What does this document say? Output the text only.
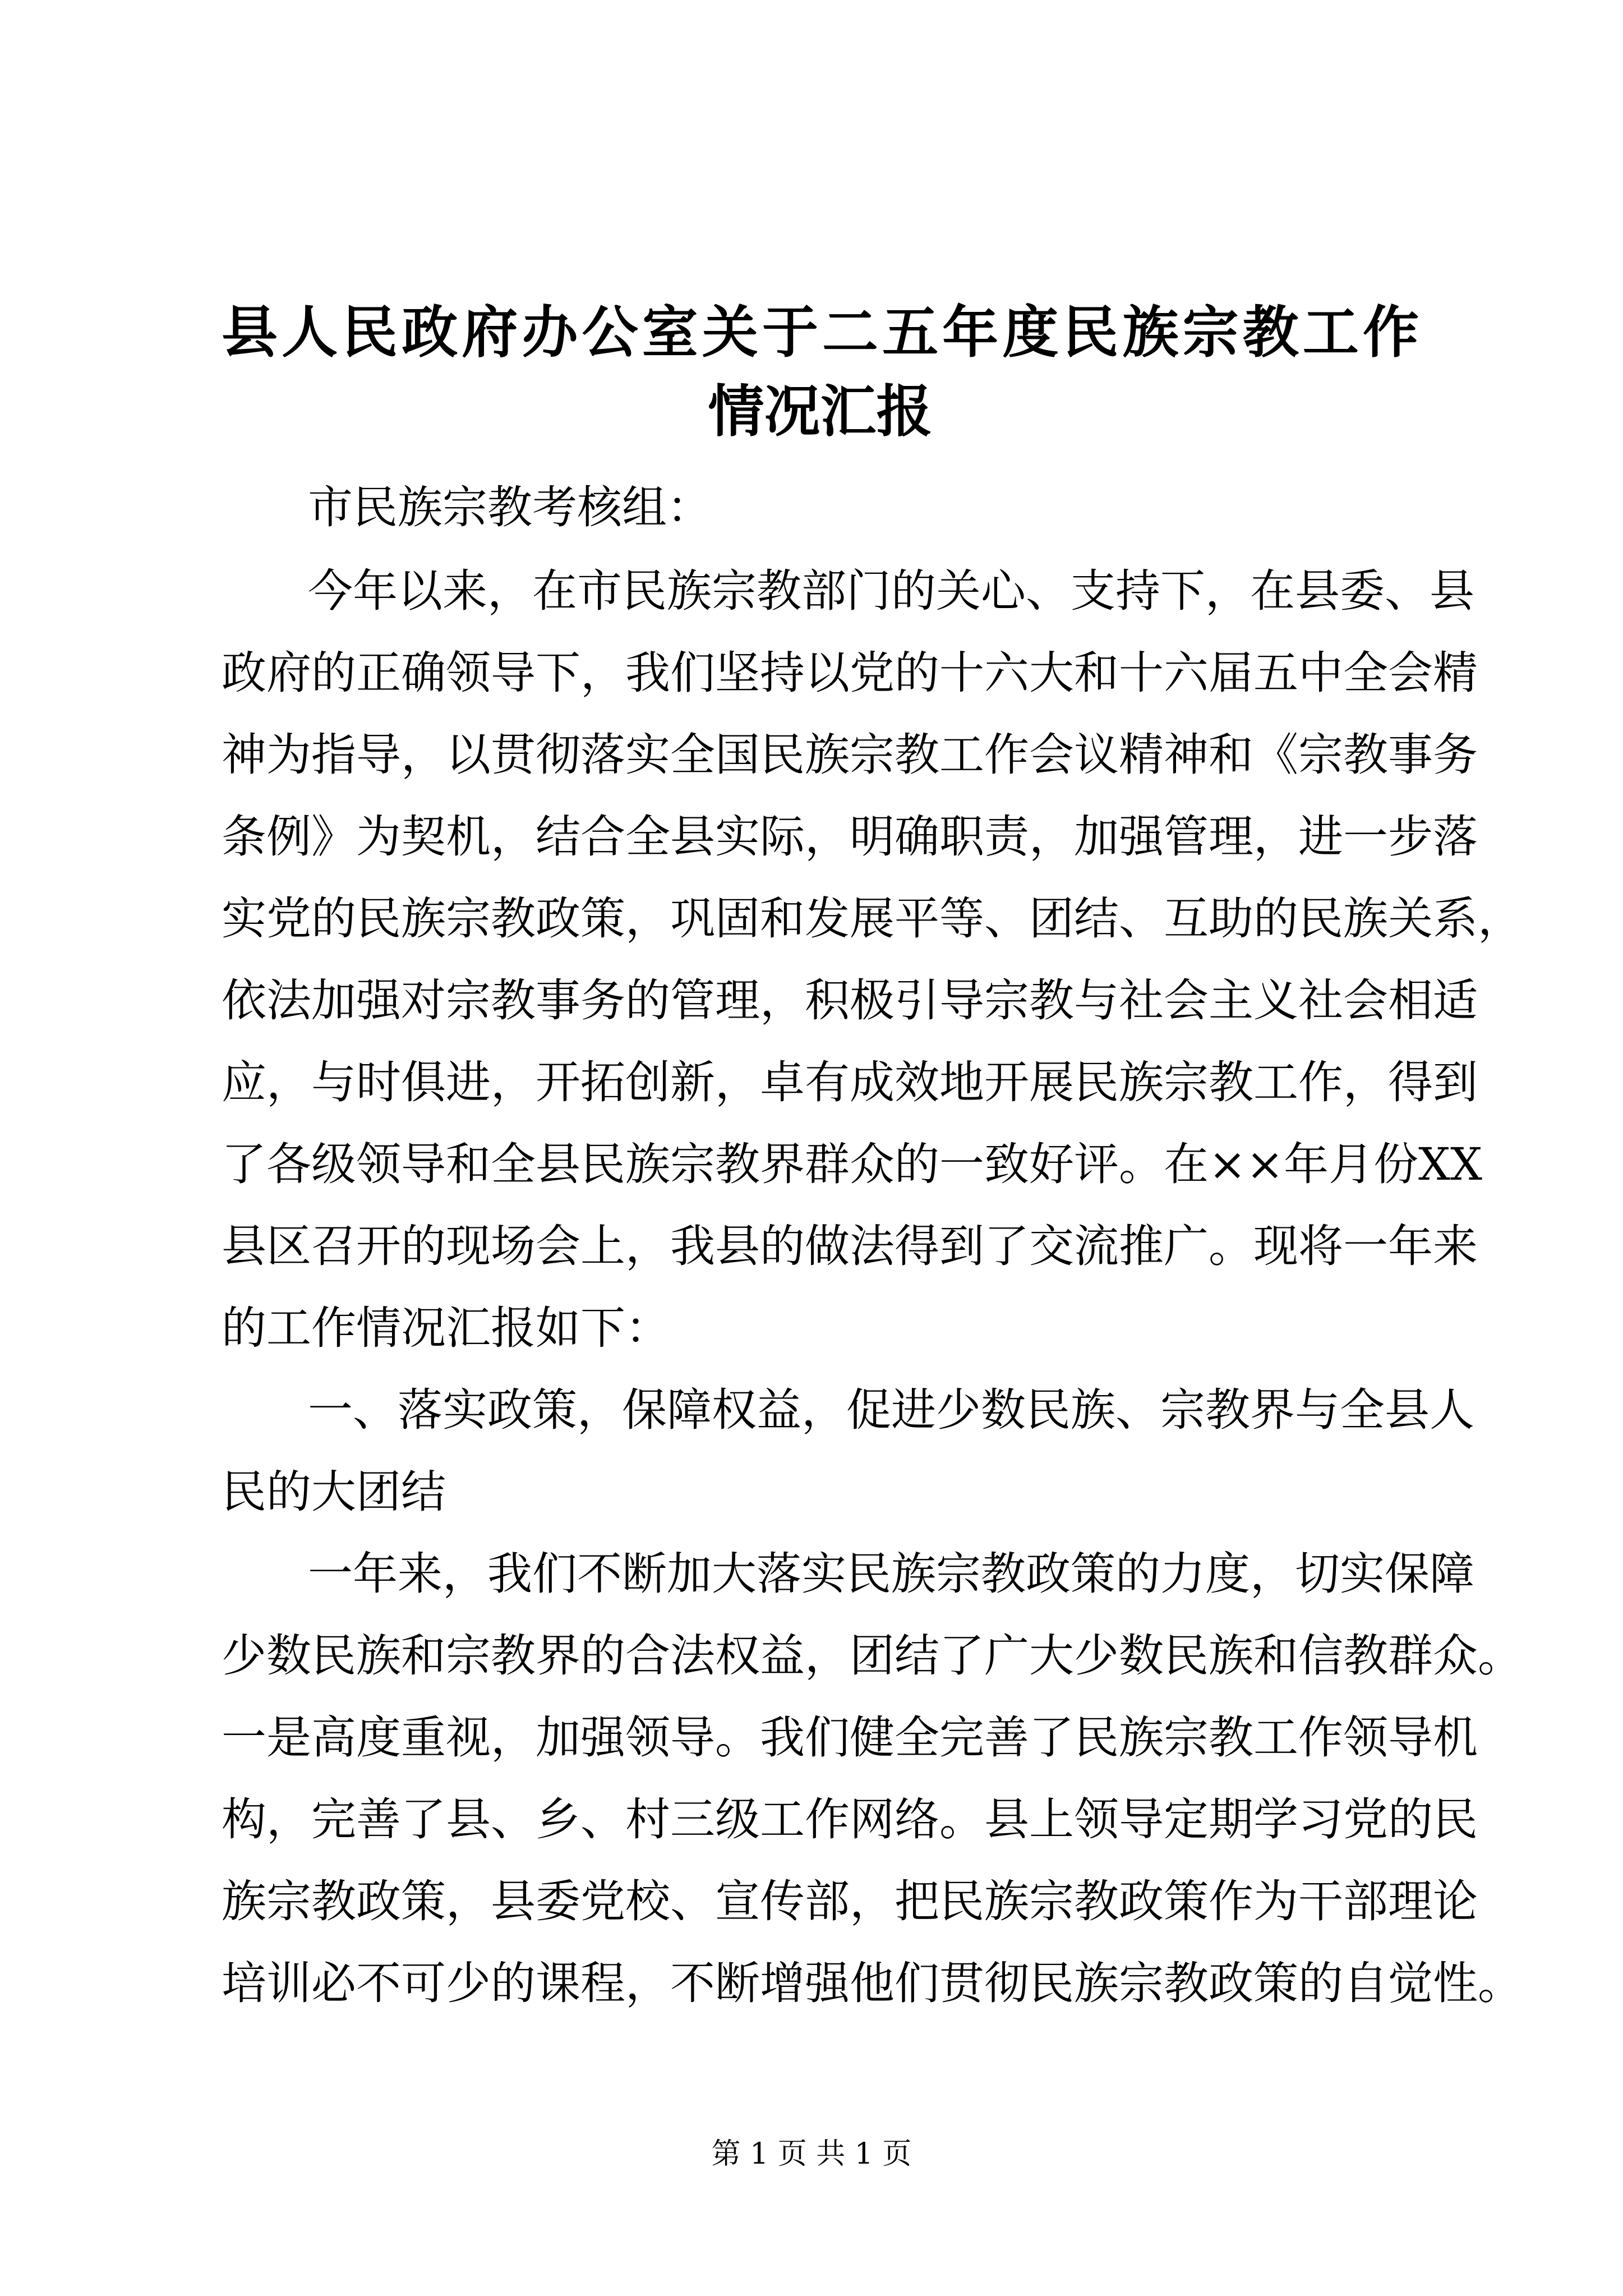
县人民政府办公室关于二五年度民族宗教工作
情况汇报
市民族宗教考核组：
今年以来，在市民族宗教部门的关心、支持下，在县委、县
政府的正确领导下，我们坚持以党的十六大和十六届五中全会精
神为指导，以贯彻落实全国民族宗教工作会议精神和《宗教事务
条例》为契机，结合全县实际，明确职责，加强管理，进一步落
实党的民族宗教政策，巩固和发展平等、团结、互助的民族关系，
依法加强对宗教事务的管理，积极引导宗教与社会主义社会相适
应，与时俱进，开拓创新，卓有成效地开展民族宗教工作，得到
了各级领导和全县民族宗教界群众的一致好评。在××年月份XX
县区召开的现场会上，我县的做法得到了交流推广。现将一年来
的工作情况汇报如下：
一、落实政策，保障权益，促进少数民族、宗教界与全县人
民的大团结
一年来，我们不断加大落实民族宗教政策的力度，切实保障
少数民族和宗教界的合法权益，团结了广大少数民族和信教群众。
一是高度重视，加强领导。我们健全完善了民族宗教工作领导机
构，完善了县、乡、村三级工作网络。县上领导定期学习党的民
族宗教政策，县委党校、宣传部，把民族宗教政策作为干部理论
培训必不可少的课程，不断增强他们贯彻民族宗教政策的自觉性。
第 1 页 共 1 页
